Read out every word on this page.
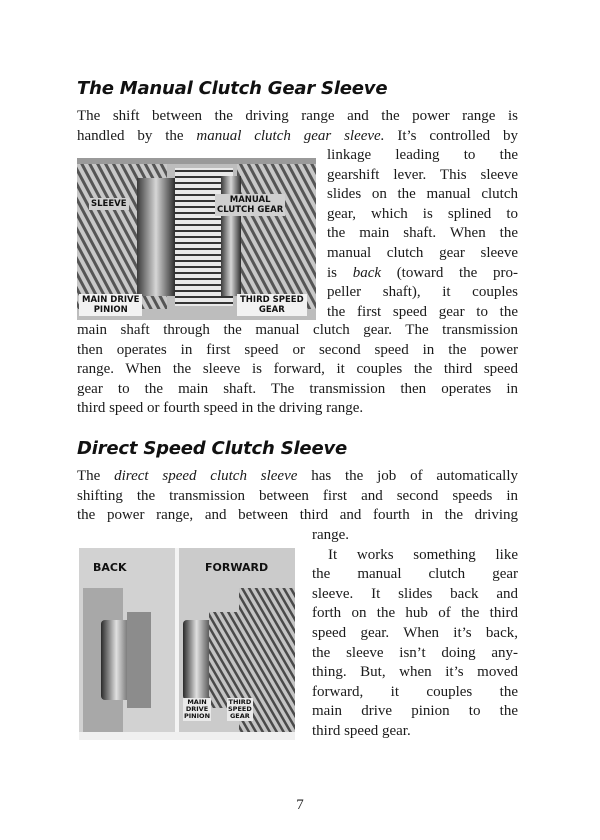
The Manual Clutch Gear Sleeve
The shift between the driving range and the power range is
handled by the manual clutch gear sleeve. It’s controlled by
linkage leading to the
gearshift lever. This sleeve
slides on the manual clutch
gear, which is splined to
the main shaft. When the
manual clutch gear sleeve
is back (toward the pro-
peller shaft), it couples
the first speed gear to the
SLEEVE	MANUAL
CLUTCH GEAR
MAIN DRIVE
PINION
THIRD SPEED
GEAR
main shaft through the manual clutch gear. The transmission
then operates in first speed or second speed in the power
range. When the sleeve is forward, it couples the third speed
gear to the main shaft. The transmission then operates in
third speed or fourth speed in the driving range.
Direct Speed Clutch Sleeve
The direct speed clutch sleeve has the job of automatically
shifting the transmission between first and second speeds in
the power range, and between third and fourth in the driving
range.
It works something like
the manual clutch gear
sleeve. It slides back and
forth on the hub of the third
speed gear. When it’s back,
the sleeve isn’t doing any-
thing. But, when it’s moved
forward, it couples the
main drive pinion to the
third speed gear.
BACK	FORWARD
MAIN
DRIVE
PINION
THIRD
SPEED
GEAR

7
